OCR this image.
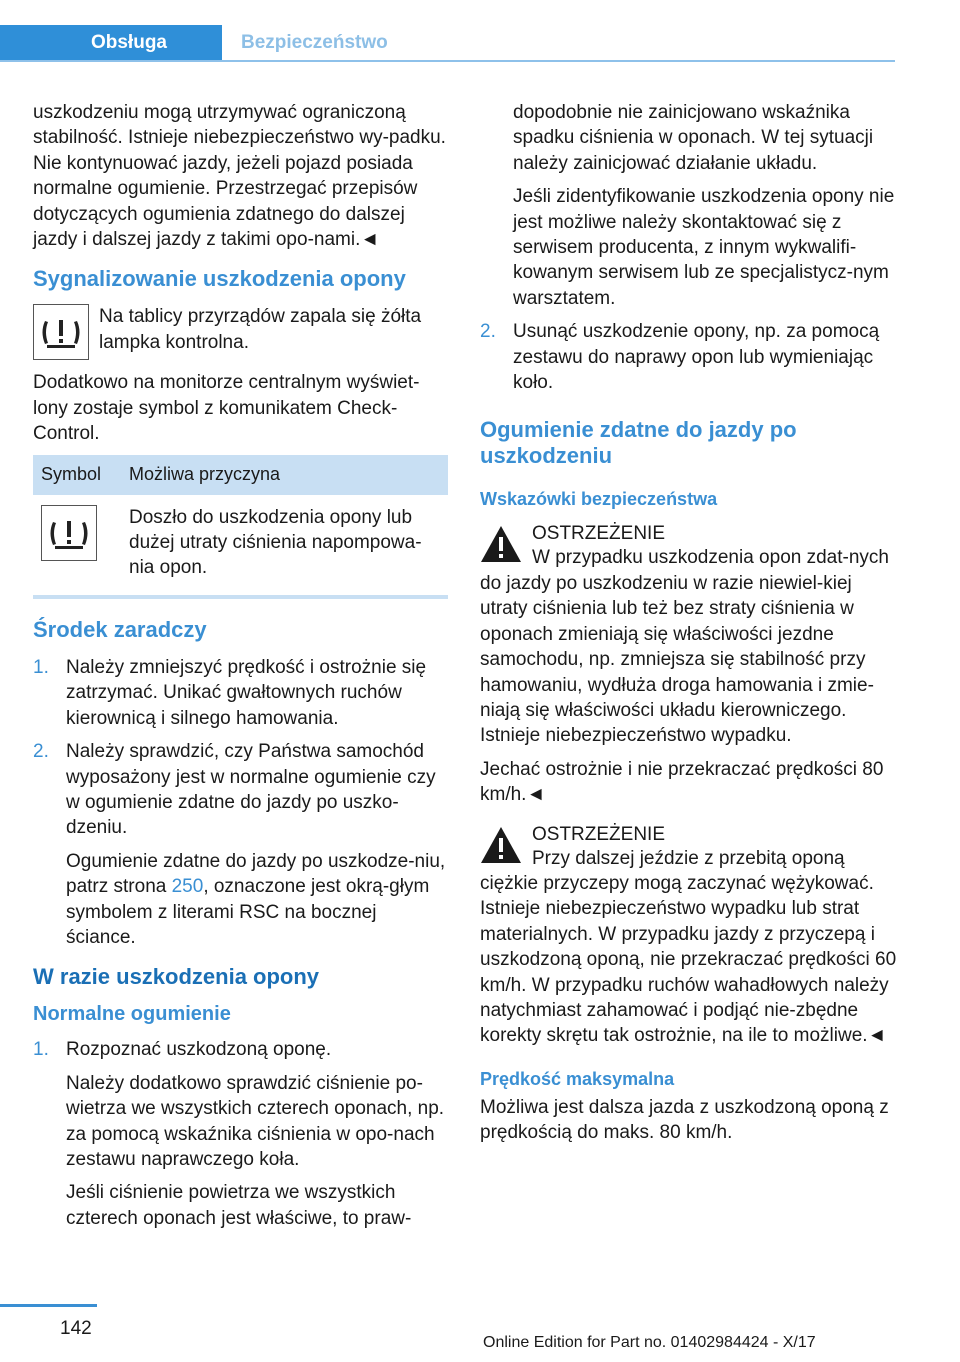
Obsługa	Bezpieczeństwo

uszkodzeniu mogą utrzymywać ograniczoną stabilność. Istnieje niebezpieczeństwo wy-padku. Nie kontynuować jazdy, jeżeli pojazd posiada normalne ogumienie. Przestrzegać przepisów dotyczących ogumienia zdatnego do dalszej jazdy i dalszej jazdy z takimi opo-nami.◄

Sygnalizowanie uszkodzenia opony
Na tablicy przyrządów zapala się żółta lampka kontrolna.

Dodatkowo na monitorze centralnym wyświet-lony zostaje symbol z komunikatem Check-Control.

Symbol	Możliwa przyczyna
	Doszło do uszkodzenia opony lub dużej utraty ciśnienia napompowa-nia opon.
Środek zaradczy
1. Należy zmniejszyć prędkość i ostrożnie się zatrzymać. Unikać gwałtownych ruchów kierownicą i silnego hamowania.
2. Należy sprawdzić, czy Państwa samochód wyposażony jest w normalne ogumienie czy w ogumienie zdatne do jazdy po uszko-dzeniu.
Ogumienie zdatne do jazdy po uszkodze-niu, patrz strona 250, oznaczone jest okrą-głym symbolem z literami RSC na bocznej ściance.
W razie uszkodzenia opony
Normalne ogumienie
1. Rozpoznać uszkodzoną oponę.
Należy dodatkowo sprawdzić ciśnienie po-wietrza we wszystkich czterech oponach, np. za pomocą wskaźnika ciśnienia w opo-nach zestawu naprawczego koła.
Jeśli ciśnienie powietrza we wszystkich czterech oponach jest właściwe, to praw-

dopodobnie nie zainicjowano wskaźnika spadku ciśnienia w oponach. W tej sytuacji należy zainicjować działanie układu.

Jeśli zidentyfikowanie uszkodzenia opony nie jest możliwe należy skontaktować się z serwisem producenta, z innym wykwalifi-kowanym serwisem lub ze specjalistycz-nym warsztatem.

2. Usunąć uszkodzenie opony, np. za pomocą zestawu do naprawy opon lub wymieniając koło.
Ogumienie zdatne do jazdy po uszkodzeniu
Wskazówki bezpieczeństwa
OSTRZEŻENIE

W przypadku uszkodzenia opon zdat-nych do jazdy po uszkodzeniu w razie niewiel-kiej utraty ciśnienia lub też bez straty ciśnienia w oponach zmieniają się właściwości jezdne samochodu, np. zmniejsza się stabilność przy hamowaniu, wydłuża droga hamowania i zmie-niają się właściwości układu kierowniczego. Istnieje niebezpieczeństwo wypadku.

Jechać ostrożnie i nie przekraczać prędkości 80 km/h.◄

OSTRZEŻENIE

Przy dalszej jeździe z przebitą oponą ciężkie przyczepy mogą zaczynać wężykować. Istnieje niebezpieczeństwo wypadku lub strat materialnych. W przypadku jazdy z przyczepą i uszkodzoną oponą, nie przekraczać prędkości 60 km/h. W przypadku ruchów wahadłowych należy natychmiast zahamować i podjąć nie-zbędne korekty skrętu tak ostrożnie, na ile to możliwe.◄

Prędkość maksymalna

Możliwa jest dalsza jazda z uszkodzoną oponą z prędkością do maks. 80 km/h.

142
Online Edition for Part no. 01402984424 - X/17
